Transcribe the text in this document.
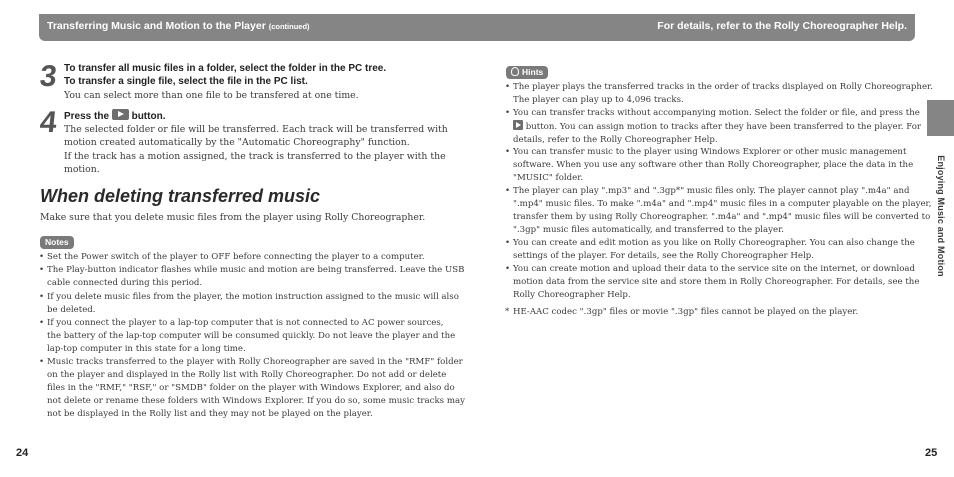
Transferring Music and Motion to the Player (continued)	For details, refer to the Rolly Choreographer Help.
Enjoying Music and Motion
3 To transfer all music files in a folder, select the folder in the PC tree.
To transfer a single file, select the file in the PC list.
You can select more than one file to be transfered at one time.
4 Press the button.
The selected folder or file will be transferred. Each track will be transferred with
motion created automatically by the "Automatic Choreography" function.
If the track has a motion assigned, the track is transferred to the player with the
motion.
When deleting transferred music
Make sure that you delete music files from the player using Rolly Choreographer.
Notes
• Set the Power switch of the player to OFF before connecting the player to a computer.
• The Play-button indicator flashes while music and motion are being transferred. Leave the USB
cable connected during this period.
• If you delete music files from the player, the motion instruction assigned to the music will also
be deleted.
• If you connect the player to a lap-top computer that is not connected to AC power sources,
the battery of the lap-top computer will be consumed quickly. Do not leave the player and the
lap-top computer in this state for a long time.
• Music tracks transferred to the player with Rolly Choreographer are saved in the "RMF" folder
on the player and displayed in the Rolly list with Rolly Choreographer. Do not add or delete
files in the "RMF," "RSF," or "SMDB" folder on the player with Windows Explorer, and also do
not delete or rename these folders with Windows Explorer. If you do so, some music tracks may
not be displayed in the Rolly list and they may not be played on the player.
Hints
• The player plays the transferred tracks in the order of tracks displayed on Rolly Choreographer.
The player can play up to 4,096 tracks.
• You can transfer tracks without accompanying motion. Select the folder or file, and press the
button. You can assign motion to tracks after they have been transferred to the player. For
details, refer to the Rolly Choreographer Help.
• You can transfer music to the player using Windows Explorer or other music management
software. When you use any software other than Rolly Choreographer, place the data in the
"MUSIC" folder.
• The player can play ".mp3" and ".3gp*" music files only. The player cannot play ".m4a" and
".mp4" music files. To make ".m4a" and ".mp4" music files in a computer playable on the player,
transfer them by using Rolly Choreographer. ".m4a" and ".mp4" music files will be converted to
".3gp" music files automatically, and transferred to the player.
• You can create and edit motion as you like on Rolly Choreographer. You can also change the
settings of the player. For details, see the Rolly Choreographer Help.
• You can create motion and upload their data to the service site on the internet, or download
motion data from the service site and store them in Rolly Choreographer. For details, see the
Rolly Choreographer Help.
* HE-AAC codec ".3gp" files or movie ".3gp" files cannot be played on the player.
24	25
